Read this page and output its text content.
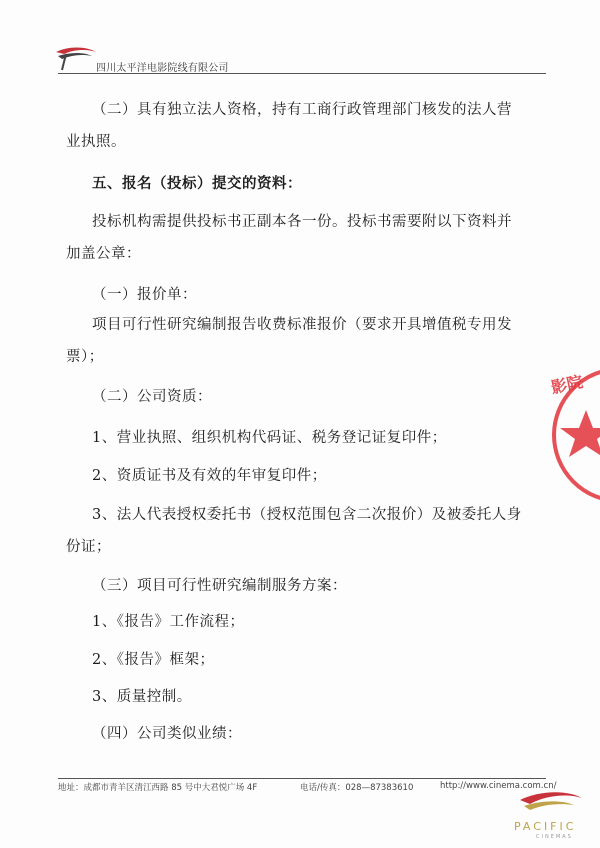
四川太平洋电影院线有限公司
（二）具有独立法人资格，持有工商行政管理部门核发的法人营
业执照。
五、报名（投标）提交的资料：
投标机构需提供投标书正副本各一份。投标书需要附以下资料并
加盖公章：
（一）报价单：
项目可行性研究编制报告收费标准报价（要求开具增值税专用发
票）；
（二）公司资质：
1、营业执照、组织机构代码证、税务登记证复印件；
2、资质证书及有效的年审复印件；
3、法人代表授权委托书（授权范围包含二次报价）及被委托人身
份证；
（三）项目可行性研究编制服务方案：
1、《报告》工作流程；
2、《报告》框架；
3、质量控制。
（四）公司类似业绩：
影院
地址：成都市青羊区清江西路 85 号中大君悦广场 4F	电话/传真：028—87383610	http://www.cinema.com.cn/
PACIFIC
CINEMAS
